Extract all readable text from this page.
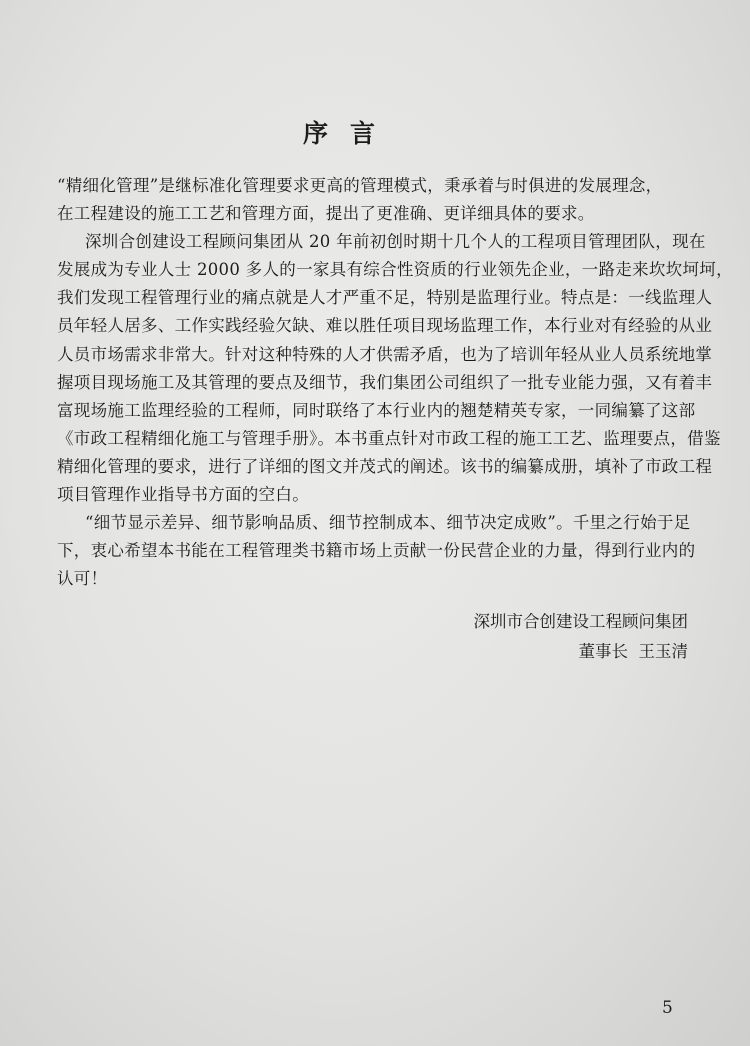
序言
“精细化管理”是继标准化管理要求更高的管理模式，秉承着与时俱进的发展理念，
在工程建设的施工工艺和管理方面，提出了更准确、更详细具体的要求。
深圳合创建设工程顾问集团从 20 年前初创时期十几个人的工程项目管理团队，现在
发展成为专业人士 2000 多人的一家具有综合性资质的行业领先企业，一路走来坎坎坷坷，
我们发现工程管理行业的痛点就是人才严重不足，特别是监理行业。特点是：一线监理人
员年轻人居多、工作实践经验欠缺、难以胜任项目现场监理工作，本行业对有经验的从业
人员市场需求非常大。针对这种特殊的人才供需矛盾，也为了培训年轻从业人员系统地掌
握项目现场施工及其管理的要点及细节，我们集团公司组织了一批专业能力强，又有着丰
富现场施工监理经验的工程师，同时联络了本行业内的翘楚精英专家，一同编纂了这部
《市政工程精细化施工与管理手册》。本书重点针对市政工程的施工工艺、监理要点，借鉴
精细化管理的要求，进行了详细的图文并茂式的阐述。该书的编纂成册，填补了市政工程
项目管理作业指导书方面的空白。
“细节显示差异、细节影响品质、细节控制成本、细节决定成败”。千里之行始于足
下，衷心希望本书能在工程管理类书籍市场上贡献一份民营企业的力量，得到行业内的
认可！
深圳市合创建设工程顾问集团
董事长  王玉清
5
